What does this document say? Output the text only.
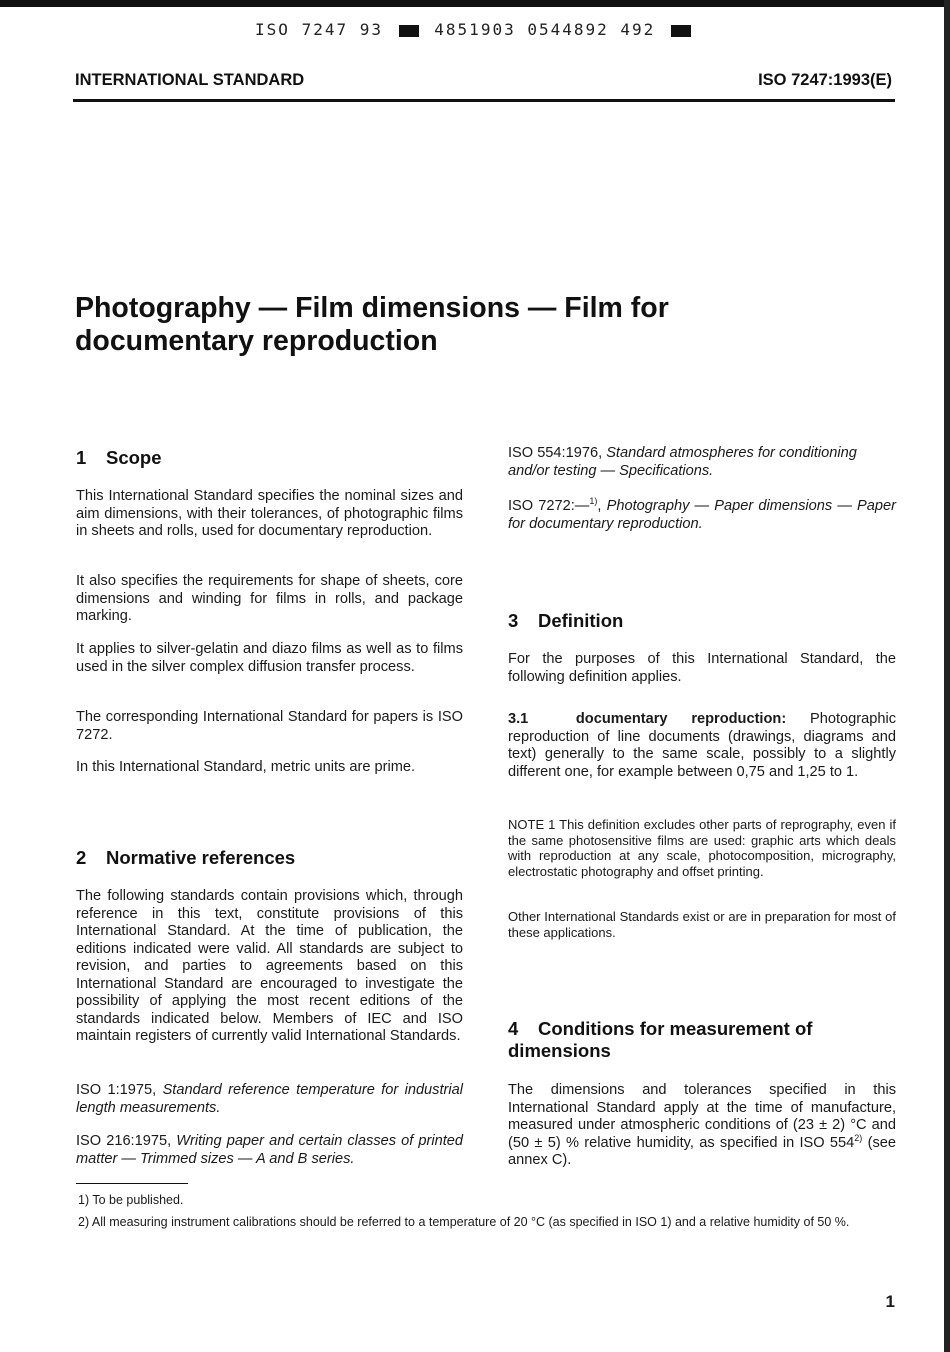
ISO 7247 93	4851903 0544892 492
INTERNATIONAL STANDARD	ISO 7247:1993(E)
Photography — Film dimensions — Film for
documentary reproduction
1 Scope

This International Standard specifies the nominal sizes and aim dimensions, with their tolerances, of photographic films in sheets and rolls, used for documentary reproduction.

It also specifies the requirements for shape of sheets, core dimensions and winding for films in rolls, and package marking.

It applies to silver-gelatin and diazo films as well as to films used in the silver complex diffusion transfer process.

The corresponding International Standard for papers is ISO 7272.

In this International Standard, metric units are prime.

2 Normative references

The following standards contain provisions which, through reference in this text, constitute provisions of this International Standard. At the time of publication, the editions indicated were valid. All standards are subject to revision, and parties to agreements based on this International Standard are encouraged to investigate the possibility of applying the most recent editions of the standards indicated below. Members of IEC and ISO maintain registers of currently valid International Standards.

ISO 1:1975, Standard reference temperature for industrial length measurements.

ISO 216:1975, Writing paper and certain classes of printed matter — Trimmed sizes — A and B series.

ISO 554:1976, Standard atmospheres for conditioning and/or testing — Specifications.

ISO 7272:—$^{1)}$, Photography — Paper dimensions — Paper for documentary reproduction.

3 Definition

For the purposes of this International Standard, the following definition applies.

3.1	documentary reproduction: Photographic reproduction of line documents (drawings, diagrams and text) generally to the same scale, possibly to a slightly different one, for example between 0,75 and 1,25 to 1.

NOTE 1 This definition excludes other parts of reprography, even if the same photosensitive films are used: graphic arts which deals with reproduction at any scale, photocomposition, micrography, electrostatic photography and offset printing.

Other International Standards exist or are in preparation for most of these applications.

4 Conditions for measurement of
dimensions

The dimensions and tolerances specified in this International Standard apply at the time of manufacture, measured under atmospheric conditions of (23 ± 2) °C and (50 ± 5) % relative humidity, as specified in ISO 554$^{2)}$ (see annex C).

1) To be published.

2) All measuring instrument calibrations should be referred to a temperature of 20 °C (as specified in ISO 1) and a relative humidity of 50 %.

1
